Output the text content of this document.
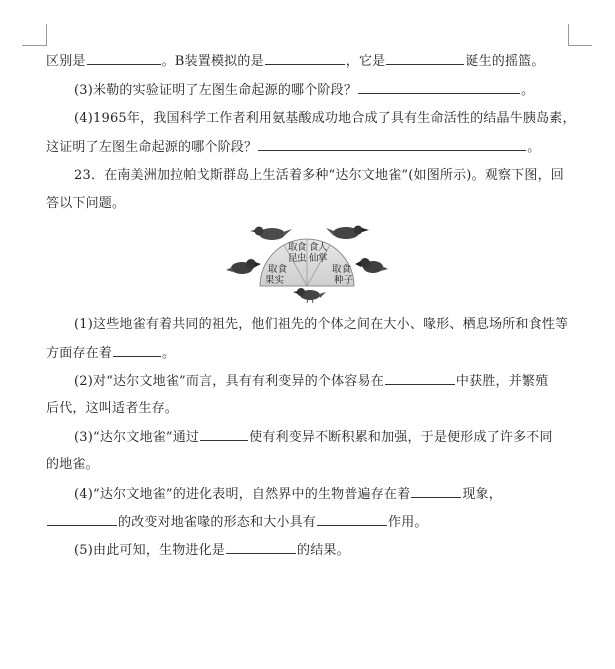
区别是	。B装置模拟的是	，它是	诞生的摇篮。
(3)米勒的实验证明了左图生命起源的哪个阶段？	。
(4)1965年，我国科学工作者利用氨基酸成功地合成了具有生命活性的结晶牛胰岛素，
这证明了左图生命起源的哪个阶段？	。
23．在南美洲加拉帕戈斯群岛上生活着多种“达尔文地雀”(如图所示)。观察下图，回
答以下问题。
取
昆
食
虫
食
仙
人
掌
取食
果实
取食
种子
(1)这些地雀有着共同的祖先，他们祖先的个体之间在大小、喙形、栖息场所和食性等
方面存在着	。
(2)对“达尔文地雀”而言，具有有利变异的个体容易在	中获胜，并繁殖
后代，这叫适者生存。
(3)“达尔文地雀”通过	使有利变异不断积累和加强，于是便形成了许多不同
的地雀。
(4)“达尔文地雀”的进化表明，自然界中的生物普遍存在着	现象，
的改变对地雀喙的形态和大小具有	作用。
(5)由此可知，生物进化是	的结果。
